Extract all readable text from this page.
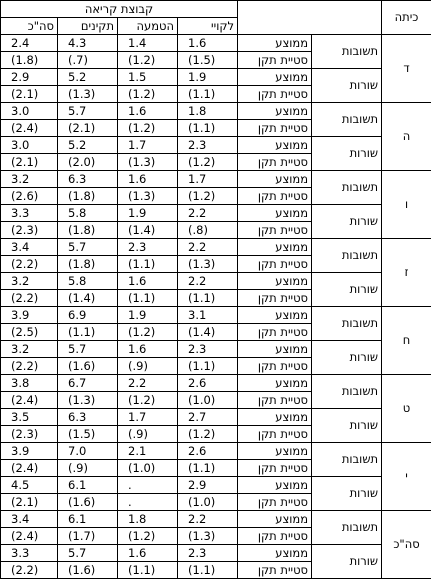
כיתה			קבוצת קריאה			
			לקויי	הטמעה	תקינים	סה"כ
ד	תשובות	ממוצע	1.6	1.4	4.3	2.4
		סטיית תקן	(1.5)	(1.2)	(.7)	(1.8)
	שורות	ממוצע	1.9	1.5	5.2	2.9
		סטיית תקן	(1.1)	(1.2)	(1.3)	(2.1)
ה	תשובות	ממוצע	1.8	1.6	5.7	3.0
		סטיית תקן	(1.1)	(1.2)	(2.1)	(2.4)
	שורות	ממוצע	2.3	1.7	5.2	3.0
		סטיית תקן	(1.2)	(1.3)	(2.0)	(2.1)
ו	תשובות	ממוצע	1.7	1.6	6.3	3.2
		סטיית תקן	(1.2)	(1.3)	(1.8)	(2.6)
	שורות	ממוצע	2.2	1.9	5.8	3.3
		סטיית תקן	(.8)	(1.4)	(1.8)	(2.3)
ז	תשובות	ממוצע	2.2	2.3	5.7	3.4
		סטיית תקן	(1.3)	(1.1)	(1.8)	(2.2)
	שורות	ממוצע	2.2	1.6	5.8	3.2
		סטיית תקן	(1.1)	(1.1)	(1.4)	(2.2)
ח	תשובות	ממוצע	3.1	1.9	6.9	3.9
		סטיית תקן	(1.4)	(1.2)	(1.1)	(2.5)
	שורות	ממוצע	2.3	1.6	5.7	3.2
		סטיית תקן	(1.1)	(.9)	(1.6)	(2.2)
ט	תשובות	ממוצע	2.6	2.2	6.7	3.8
		סטיית תקן	(1.0)	(1.2)	(1.3)	(2.4)
	שורות	ממוצע	2.7	1.7	6.3	3.5
		סטיית תקן	(1.2)	(.9)	(1.5)	(2.3)
י	תשובות	ממוצע	2.6	2.1	7.0	3.9
		סטיית תקן	(1.1)	(1.0)	(.9)	(2.4)
	שורות	ממוצע	2.9	.	6.1	4.5
		סטיית תקן	(1.0)	.	(1.6)	(2.1)
סה"כ	תשובות	ממוצע	2.2	1.8	6.1	3.4
		סטיית תקן	(1.3)	(1.2)	(1.7)	(2.4)
	שורות	ממוצע	2.3	1.6	5.7	3.3
		סטיית תקן	(1.1)	(1.1)	(1.6)	(2.2)
